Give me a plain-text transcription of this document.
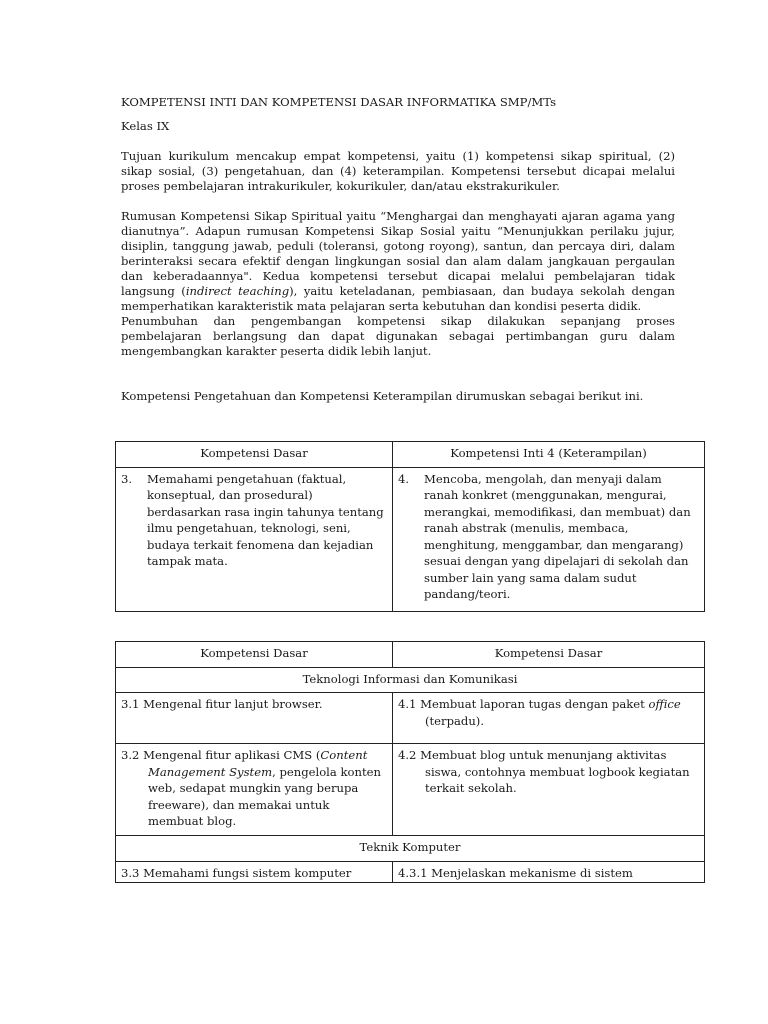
KOMPETENSI INTI DAN KOMPETENSI DASAR INFORMATIKA SMP/MTs

Kelas IX

Tujuan kurikulum mencakup empat kompetensi, yaitu (1) kompetensi sikap spiritual, (2) sikap sosial, (3) pengetahuan, dan (4) keterampilan. Kompetensi tersebut dicapai melalui proses pembelajaran intrakurikuler, kokurikuler, dan/atau ekstrakurikuler.

Rumusan Kompetensi Sikap Spiritual yaitu “Menghargai dan menghayati ajaran agama yang dianutnya”. Adapun rumusan Kompetensi Sikap Sosial yaitu “Menunjukkan perilaku jujur, disiplin, tanggung jawab, peduli (toleransi, gotong royong), santun, dan percaya diri, dalam berinteraksi secara efektif dengan lingkungan sosial dan alam dalam jangkauan pergaulan dan keberadaannya". Kedua kompetensi tersebut dicapai melalui pembelajaran tidak langsung (indirect teaching), yaitu keteladanan, pembiasaan, dan budaya sekolah dengan memperhatikan karakteristik mata pelajaran serta kebutuhan dan kondisi peserta didik.

Penumbuhan dan pengembangan kompetensi sikap dilakukan sepanjang proses pembelajaran berlangsung dan dapat digunakan sebagai pertimbangan guru dalam mengembangkan karakter peserta didik lebih lanjut.

Kompetensi Pengetahuan dan Kompetensi Keterampilan dirumuskan sebagai berikut ini.

Kompetensi Dasar	Kompetensi Inti 4 (Keterampilan)

3. Memahami pengetahuan (faktual, konseptual, dan prosedural) berdasarkan rasa ingin tahunya tentang ilmu pengetahuan, teknologi, seni, budaya terkait fenomena dan kejadian tampak mata.	4. Mencoba, mengolah, dan menyaji dalam ranah konkret (menggunakan, mengurai, merangkai, memodifikasi, dan membuat) dan ranah abstrak (menulis, membaca, menghitung, menggambar, dan mengarang) sesuai dengan yang dipelajari di sekolah dan sumber lain yang sama dalam sudut pandang/teori.
Kompetensi Dasar	Kompetensi Dasar
Teknologi Informasi dan Komunikasi	

3.1 Mengenal fitur lanjut browser.	4.1 Membuat laporan tugas dengan paket office (terpadu).

3.2 Mengenal fitur aplikasi CMS (Content Management System, pengelola konten web, sedapat mungkin yang berupa freeware), dan memakai untuk membuat blog.	4.2 Membuat blog untuk menunjang aktivitas siswa, contohnya membuat logbook kegiatan terkait sekolah.

Teknik Komputer	

3.3 Memahami fungsi sistem komputer	4.3.1 Menjelaskan mekanisme di sistem
